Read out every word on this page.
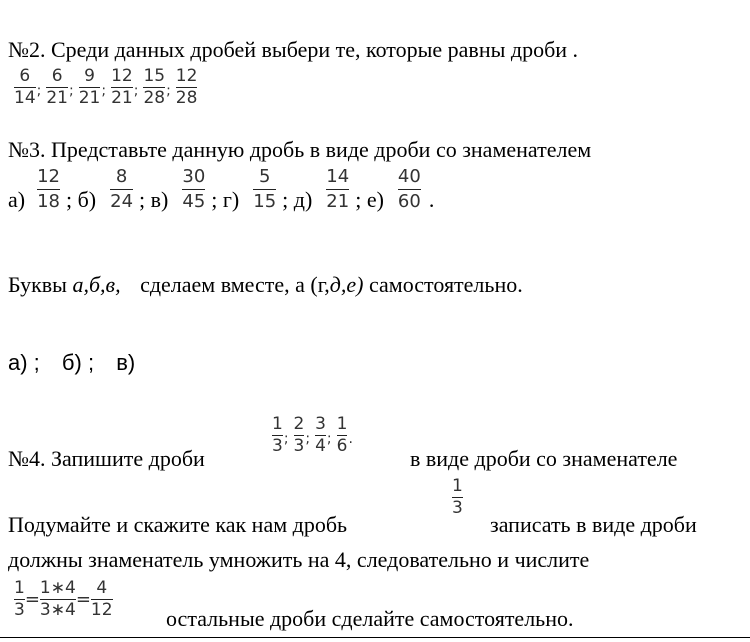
№2. Среди данных дробей выбери те, которые равны дроби .
$\frac{6}{14}$ ; $\frac{6}{21}$ ; $\frac{9}{21}$ ; $\frac{12}{21}$ ; $\frac{15}{28}$ ; $\frac{12}{28}$
№3. Представьте данную дробь в виде дроби со знаменателем
$а) \frac{12}{18}$ ; $б) \frac{8}{24}$ ; $в) \frac{30}{45}$ ; $г) \frac{5}{15}$ ; $д) \frac{14}{21}$ ; $е) \frac{40}{60}$ .
Буквы а,б,в, сделаем вместе, а (г,д,е) самостоятельно.
а) ; б) ; в)
№4. Запишите дроби
$\frac{1}{3}$ ; $\frac{2}{3}$ ; $\frac{3}{4}$ ; $\frac{1}{6}$ .
в виде дроби со знаменателе
Подумайте и скажите как нам дробь
$\frac{1}{3}$
записать в виде дроби
должны знаменатель умножить на 4, следовательно и числите
$\frac{1}{3} = \frac{1∗4}{3∗4} = \frac{4}{12}$ остальные дроби сделайте самостоятельно.
